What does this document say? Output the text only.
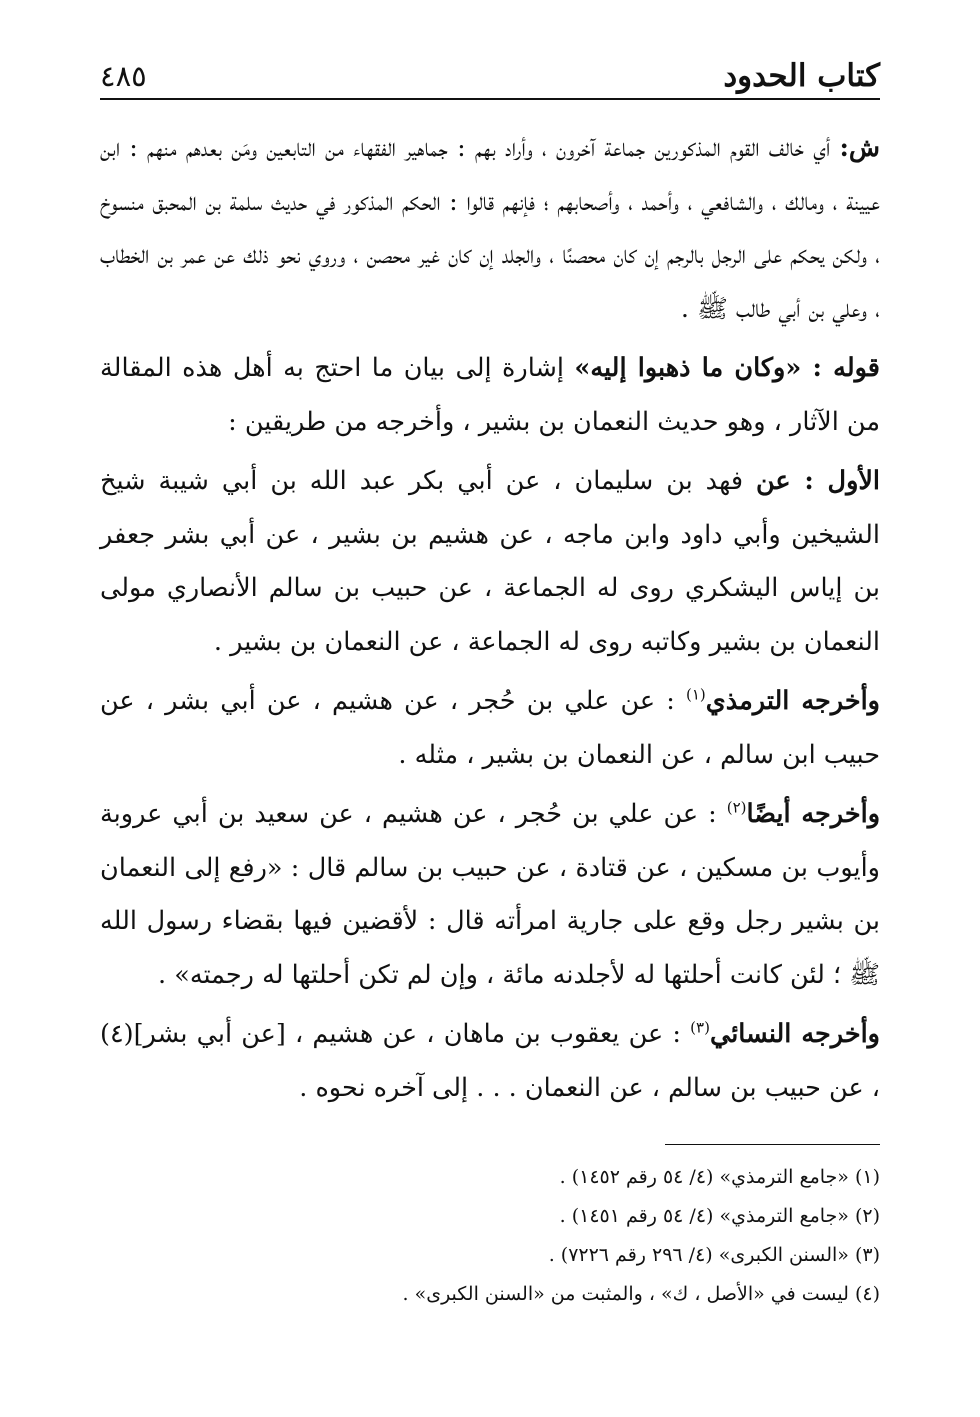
كتاب الحدود
٤٨٥

ش: أي خالف القوم المذكورين جماعة آخرون ، وأراد بهم : جماهير الفقهاء من التابعين ومَن بعدهم منهم : ابن عيينة ، ومالك ، والشافعي ، وأحمد ، وأصحابهم ؛ فإنهم قالوا : الحكم المذكور في حديث سلمة بن المحبق منسوخ ، ولكن يحكم على الرجل بالرجم إن كان محصنًا ، والجلد إن كان غير محصن ، وروي نحو ذلك عن عمر بن الخطاب ، وعلي بن أبي طالب ﷺ .

قوله : «وكان ما ذهبوا إليه» إشارة إلى بيان ما احتج به أهل هذه المقالة من الآثار ، وهو حديث النعمان بن بشير ، وأخرجه من طريقين :

الأول : عن فهد بن سليمان ، عن أبي بكر عبد الله بن أبي شيبة شيخ الشيخين وأبي داود وابن ماجه ، عن هشيم بن بشير ، عن أبي بشر جعفر بن إياس اليشكري روى له الجماعة ، عن حبيب بن سالم الأنصاري مولى النعمان بن بشير وكاتبه روى له الجماعة ، عن النعمان بن بشير .

وأخرجه الترمذي$^{(١)}$ : عن علي بن حُجر ، عن هشيم ، عن أبي بشر ، عن حبيب ابن سالم ، عن النعمان بن بشير ، مثله .

وأخرجه أيضًا$^{(٢)}$ : عن علي بن حُجر ، عن هشيم ، عن سعيد بن أبي عروبة وأيوب بن مسكين ، عن قتادة ، عن حبيب بن سالم قال : «رفع إلى النعمان بن بشير رجل وقع على جارية امرأته قال : لأقضين فيها بقضاء رسول الله ﷺ ؛ لئن كانت أحلتها له لأجلدنه مائة ، وإن لم تكن أحلتها له رجمته» .

وأخرجه النسائي$^{(٣)}$ : عن يعقوب بن ماهان ، عن هشيم ، [عن أبي بشر](٤) ، عن حبيب بن سالم ، عن النعمان . . . إلى آخره نحوه .

(١) «جامع الترمذي» (٤/ ٥٤ رقم ١٤٥٢) .

(٢) «جامع الترمذي» (٤/ ٥٤ رقم ١٤٥١) .

(٣) «السنن الكبرى» (٤/ ٢٩٦ رقم ٧٢٢٦) .

(٤) ليست في «الأصل ، ك» ، والمثبت من «السنن الكبرى» .
